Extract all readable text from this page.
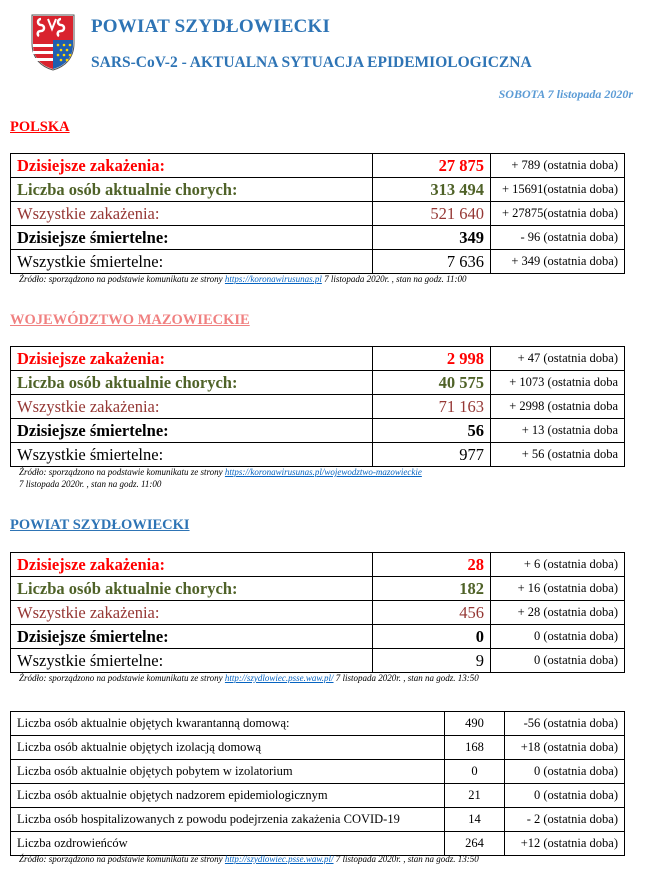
POWIAT SZYDŁOWIECKI
SARS-CoV-2 - AKTUALNA SYTUACJA EPIDEMIOLOGICZNA
SOBOTA 7 listopada 2020r
POLSKA
Dzisiejsze zakażenia:	27 875	+ 789 (ostatnia doba)
Liczba osób aktualnie chorych:	313 494	+ 15691(ostatnia doba)
Wszystkie zakażenia:	521 640	+ 27875(ostatnia doba)
Dzisiejsze śmiertelne:	349	- 96 (ostatnia doba)
Wszystkie śmiertelne:	7 636	+ 349 (ostatnia doba)
Źródło: sporządzono na podstawie komunikatu ze strony https://koronawirusunas.pl 7 listopada 2020r. , stan na godz. 11:00
WOJEWÓDZTWO MAZOWIECKIE
Dzisiejsze zakażenia:	2 998	+ 47 (ostatnia doba)
Liczba osób aktualnie chorych:	40 575	+ 1073 (ostatnia doba
Wszystkie zakażenia:	71 163	+ 2998 (ostatnia doba
Dzisiejsze śmiertelne:	56	+ 13 (ostatnia doba
Wszystkie śmiertelne:	977	+ 56 (ostatnia doba
Źródło: sporządzono na podstawie komunikatu ze strony https://koronawirusunas.pl/wojewodztwo-mazowieckie
7 listopada 2020r. , stan na godz. 11:00
POWIAT SZYDŁOWIECKI
Dzisiejsze zakażenia:	28	+ 6 (ostatnia doba)
Liczba osób aktualnie chorych:	182	+ 16 (ostatnia doba)
Wszystkie zakażenia:	456	+ 28 (ostatnia doba)
Dzisiejsze śmiertelne:	0	0 (ostatnia doba)
Wszystkie śmiertelne:	9	0 (ostatnia doba)
Źródło: sporządzono na podstawie komunikatu ze strony http://szydlowiec.psse.waw.pl/ 7 listopada 2020r. , stan na godz. 13:50
Liczba osób aktualnie objętych kwarantanną domową:	490	-56 (ostatnia doba)
Liczba osób aktualnie objętych izolacją domową	168	+18 (ostatnia doba)
Liczba osób aktualnie objętych pobytem w izolatorium	0	0 (ostatnia doba)
Liczba osób aktualnie objętych nadzorem epidemiologicznym	21	0 (ostatnia doba)
Liczba osób hospitalizowanych z powodu podejrzenia zakażenia COVID-19	14	- 2 (ostatnia doba)
Liczba ozdrowieńców	264	+12 (ostatnia doba)
Źródło: sporządzono na podstawie komunikatu ze strony http://szydlowiec.psse.waw.pl/ 7 listopada 2020r. , stan na godz. 13:50
